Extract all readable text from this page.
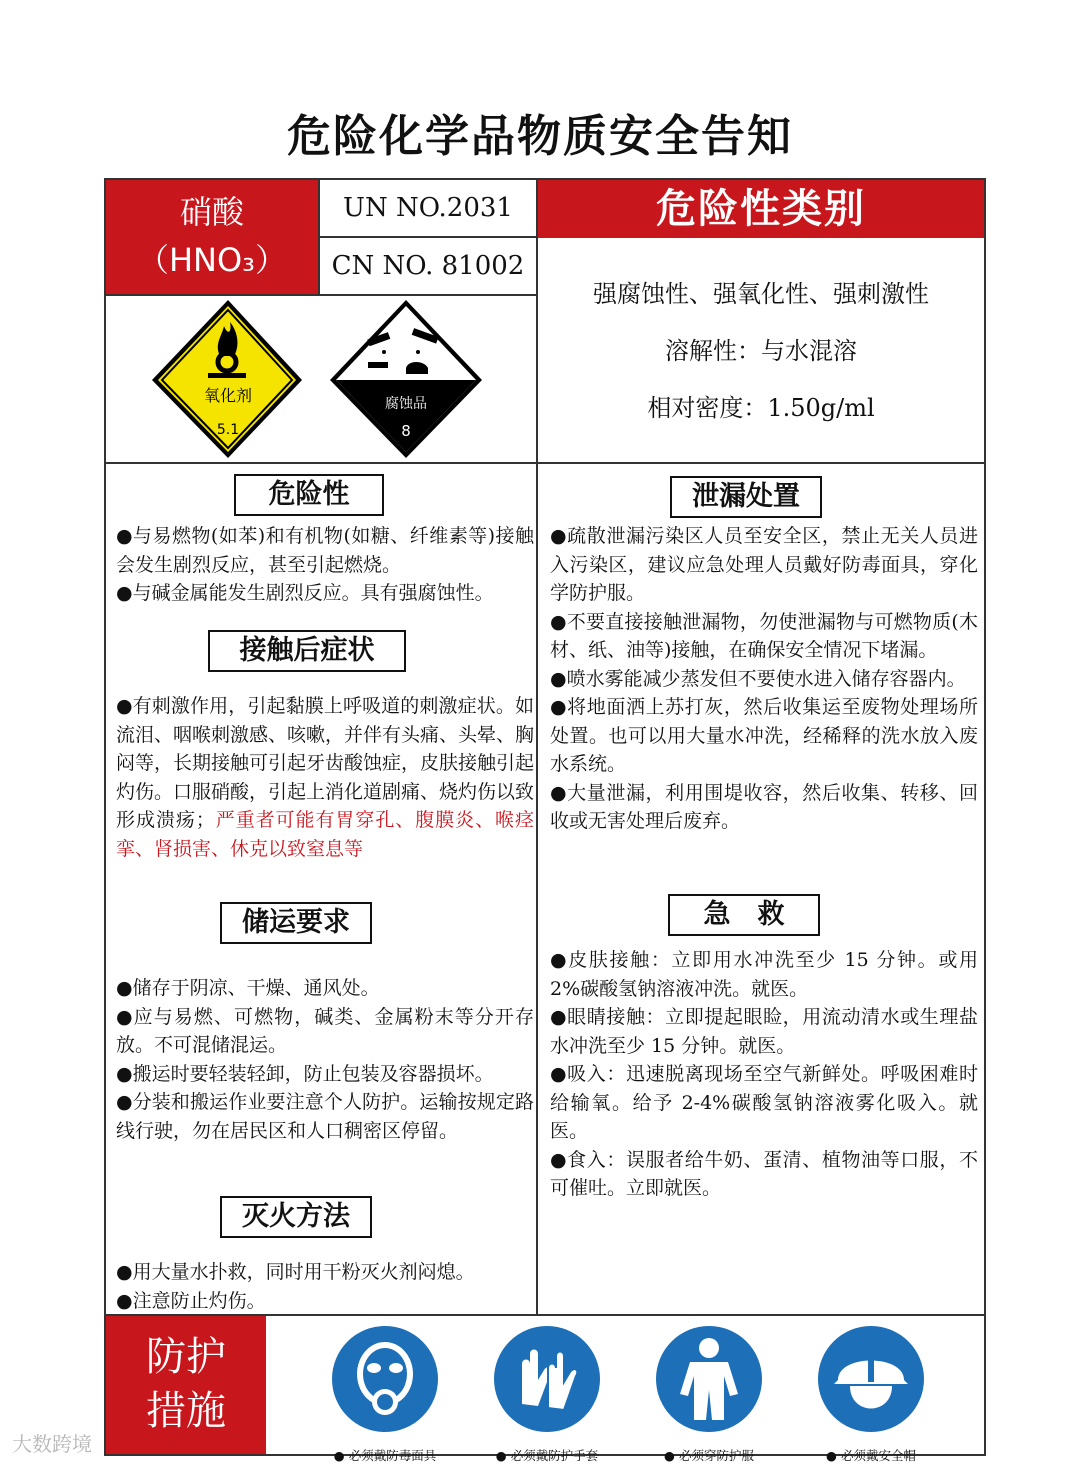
危险化学品物质安全告知
硝酸
（HNO₃）
UN NO.2031
CN NO. 81002
危险性类别
强腐蚀性、强氧化性、强刺激性
溶解性：与水混溶
相对密度：1.50g/ml
氧化剂
5.1
腐蚀品
8
危险性

●与易燃物(如苯)和有机物(如糖、纤维素等)接触会发生剧烈反应，甚至引起燃烧。

●与碱金属能发生剧烈反应。具有强腐蚀性。

接触后症状

●有刺激作用，引起黏膜上呼吸道的刺激症状。如流泪、咽喉刺激感、咳嗽，并伴有头痛、头晕、胸闷等，长期接触可引起牙齿酸蚀症，皮肤接触引起灼伤。口服硝酸，引起上消化道剧痛、烧灼伤以致形成溃疡；严重者可能有胃穿孔、腹膜炎、喉痉挛、肾损害、休克以致窒息等

储运要求

●储存于阴凉、干燥、通风处。

●应与易燃、可燃物，碱类、金属粉末等分开存放。不可混储混运。

●搬运时要轻装轻卸，防止包装及容器损坏。

●分装和搬运作业要注意个人防护。运输按规定路线行驶，勿在居民区和人口稠密区停留。

灭火方法

●用大量水扑救，同时用干粉灭火剂闷熄。

●注意防止灼伤。

泄漏处置

●疏散泄漏污染区人员至安全区，禁止无关人员进入污染区，建议应急处理人员戴好防毒面具，穿化学防护服。

●不要直接接触泄漏物，勿使泄漏物与可燃物质(木材、纸、油等)接触，在确保安全情况下堵漏。

●喷水雾能减少蒸发但不要使水进入储存容器内。

●将地面洒上苏打灰，然后收集运至废物处理场所处置。也可以用大量水冲洗，经稀释的洗水放入废水系统。

●大量泄漏，利用围堤收容，然后收集、转移、回收或无害处理后废弃。

急　救

●皮肤接触：立即用水冲洗至少 15 分钟。或用 2%碳酸氢钠溶液冲洗。就医。

●眼睛接触：立即提起眼睑，用流动清水或生理盐水冲洗至少 15 分钟。就医。

●吸入：迅速脱离现场至空气新鲜处。呼吸困难时给输氧。给予 2-4%碳酸氢钠溶液雾化吸入。就医。

●食入：误服者给牛奶、蛋清、植物油等口服，不可催吐。立即就医。

防护
措施
● 必须戴防毒面具	● 必须戴防护手套	● 必须穿防护服	● 必须戴安全帽
大数跨境
